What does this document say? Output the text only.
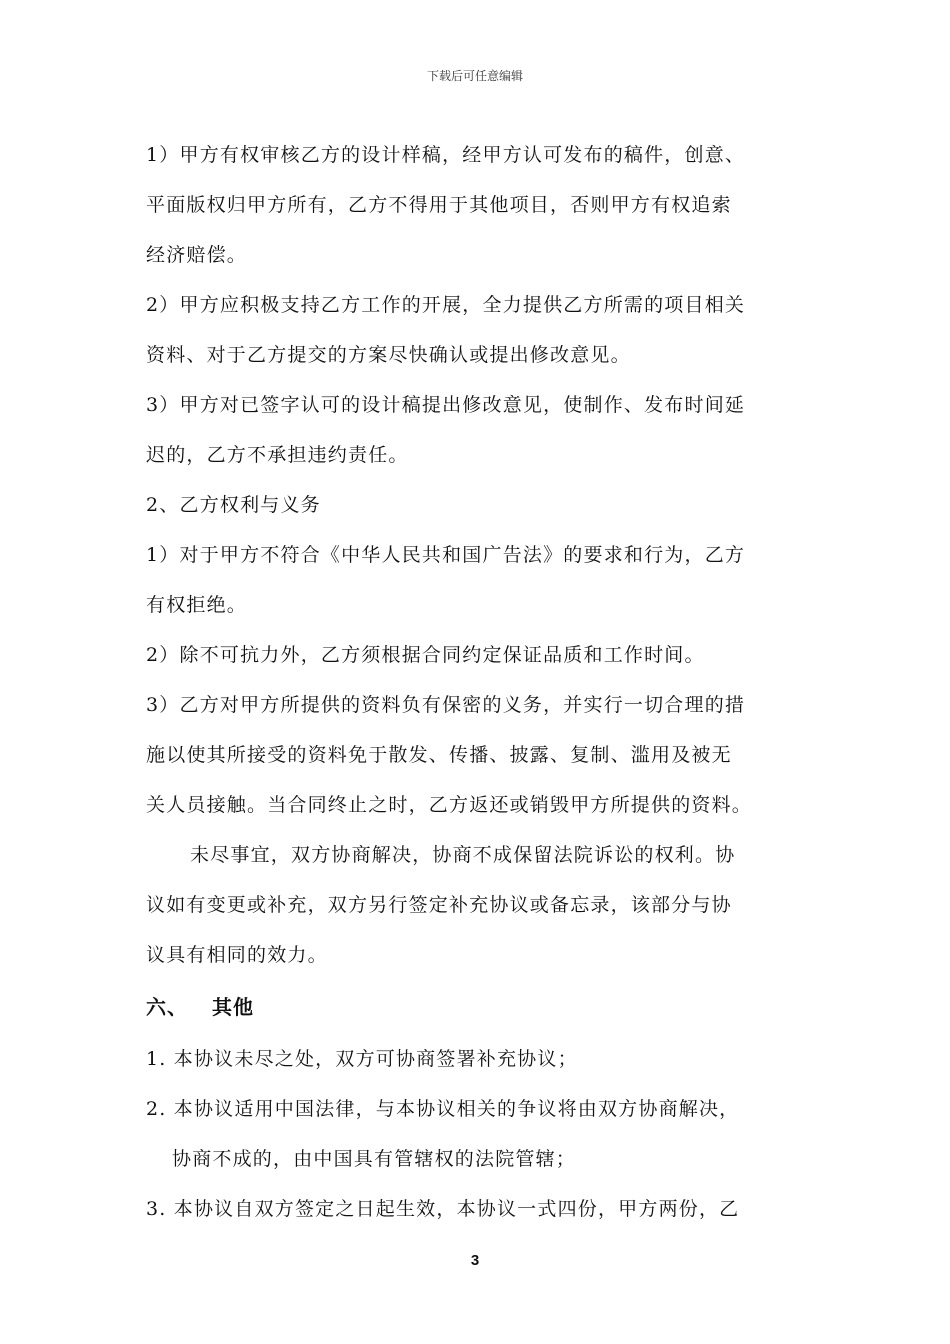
下载后可任意编辑
1）甲方有权审核乙方的设计样稿，经甲方认可发布的稿件，创意、
平面版权归甲方所有，乙方不得用于其他项目，否则甲方有权追索
经济赔偿。
2）甲方应积极支持乙方工作的开展，全力提供乙方所需的项目相关
资料、对于乙方提交的方案尽快确认或提出修改意见。
3）甲方对已签字认可的设计稿提出修改意见，使制作、发布时间延
迟的，乙方不承担违约责任。
2、乙方权利与义务
1）对于甲方不符合《中华人民共和国广告法》的要求和行为，乙方
有权拒绝。
2）除不可抗力外，乙方须根据合同约定保证品质和工作时间。
3）乙方对甲方所提供的资料负有保密的义务，并实行一切合理的措
施以使其所接受的资料免于散发、传播、披露、复制、滥用及被无
关人员接触。当合同终止之时，乙方返还或销毁甲方所提供的资料。
未尽事宜，双方协商解决，协商不成保留法院诉讼的权利。协
议如有变更或补充，双方另行签定补充协议或备忘录，该部分与协
议具有相同的效力。
六、 其他
1. 本协议未尽之处，双方可协商签署补充协议；
2. 本协议适用中国法律，与本协议相关的争议将由双方协商解决，
协商不成的，由中国具有管辖权的法院管辖；
3. 本协议自双方签定之日起生效，本协议一式四份，甲方两份，乙
3
